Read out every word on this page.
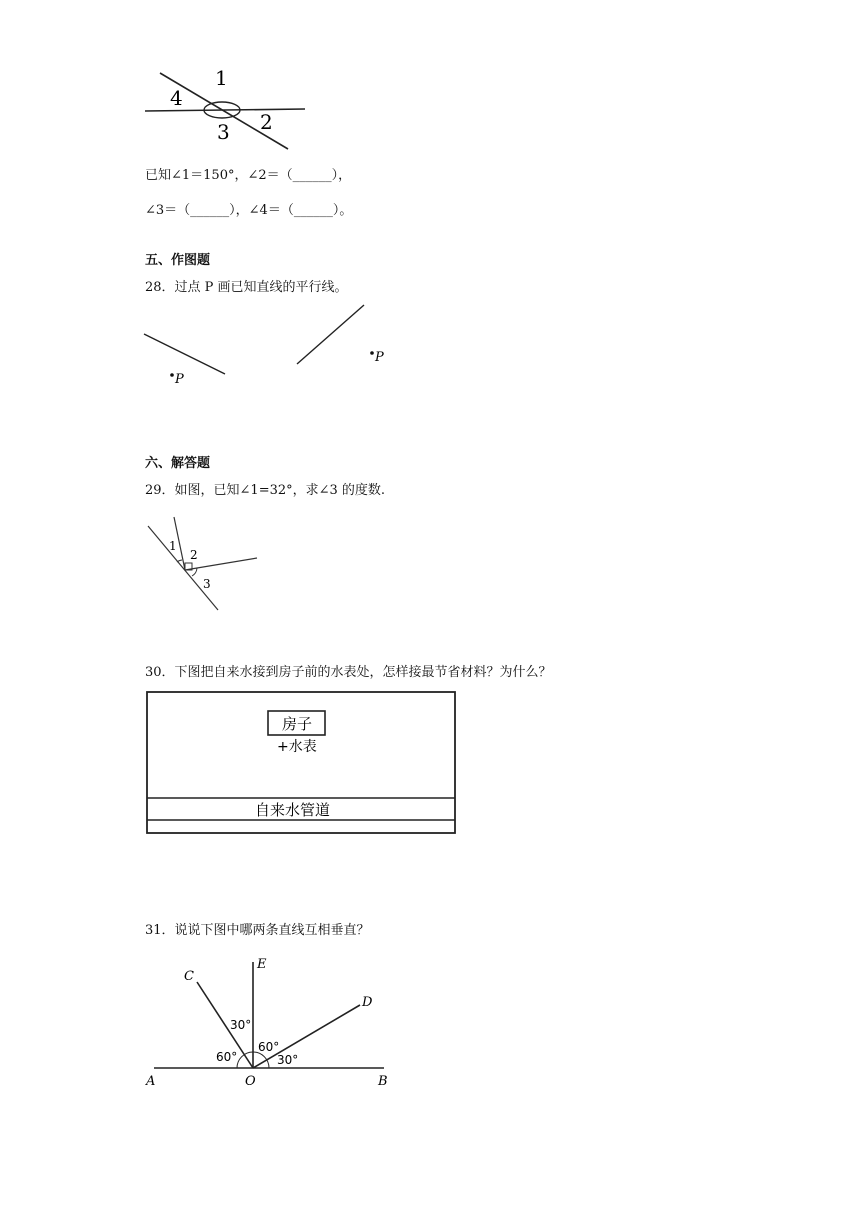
1
4
2
3
已知∠1＝150°，∠2＝（______），
∠3＝（______），∠4＝（______）。
五、作图题
28．过点 P 画已知直线的平行线。
P
P
六、解答题
29．如图，已知∠1=32°，求∠3 的度数.
1
2
3
30．下图把自来水接到房子前的水表处，怎样接最节省材料？为什么？
房子
+水表
自来水管道
31．说说下图中哪两条直线互相垂直？
C
E
D
A	O	B
30°
60°
60°	30°
